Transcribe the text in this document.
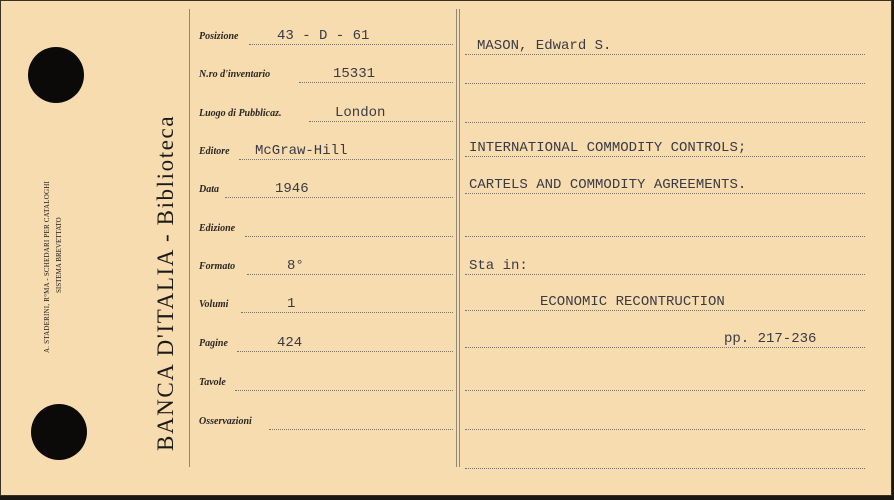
A. STADERINI, R°MA - SCHEDARI PER CATALOGHI SISTEMA BREVETTATO	BANCA D'ITALIA - Biblioteca
Posizione	43 - D - 61
N.ro d'inventario	15331
Luogo di Pubblicaz.	London
Editore McGraw-Hill
Data	1946
Edizione
Formato	8°
Volumi	1
Pagine	424
Tavole
Osservazioni
MASON, Edward S.
INTERNATIONAL COMMODITY CONTROLS;
CARTELS AND COMMODITY AGREEMENTS.
Sta in:
ECONOMIC RECONTRUCTION
pp. 217-236
